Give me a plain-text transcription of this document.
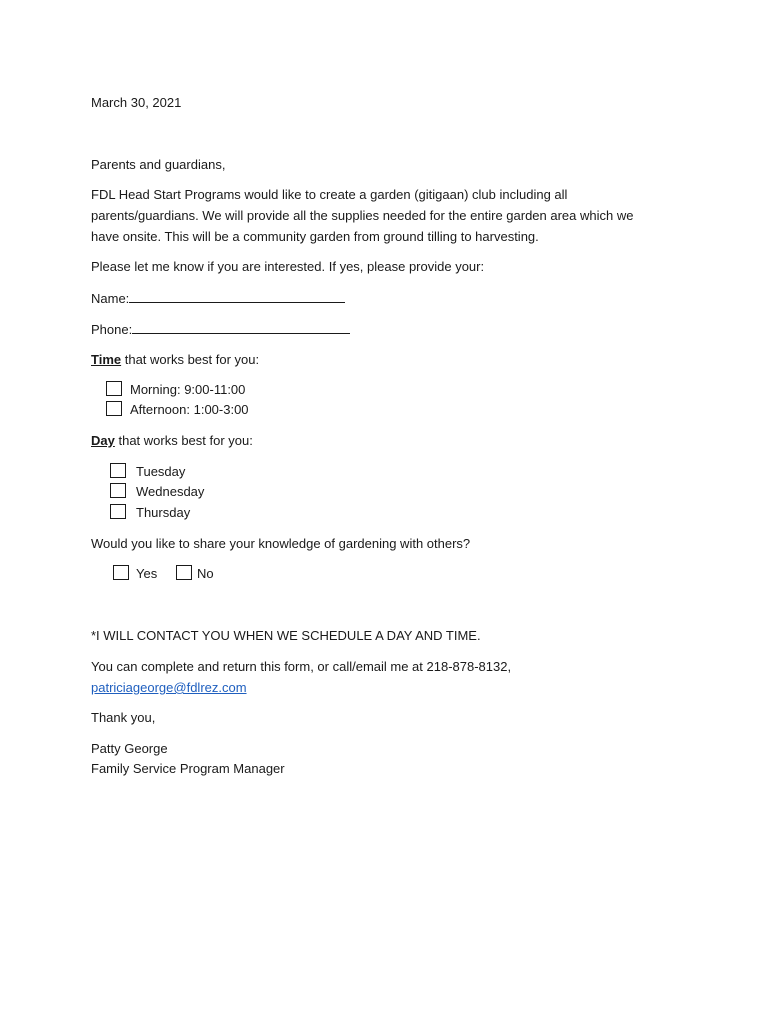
March 30, 2021
Parents and guardians,
FDL Head Start Programs would like to create a garden (gitigaan) club including all
parents/guardians. We will provide all the supplies needed for the entire garden area which we
have onsite. This will be a community garden from ground tilling to harvesting.
Please let me know if you are interested. If yes, please provide your:
Name:
Phone:
Time that works best for you:
Morning: 9:00-11:00
Afternoon: 1:00-3:00
Day that works best for you:
Tuesday
Wednesday
Thursday
Would you like to share your knowledge of gardening with others?
Yes	No
*I WILL CONTACT YOU WHEN WE SCHEDULE A DAY AND TIME.
You can complete and return this form, or call/email me at 218-878-8132,
patriciageorge@fdlrez.com
Thank you,
Patty George
Family Service Program Manager
